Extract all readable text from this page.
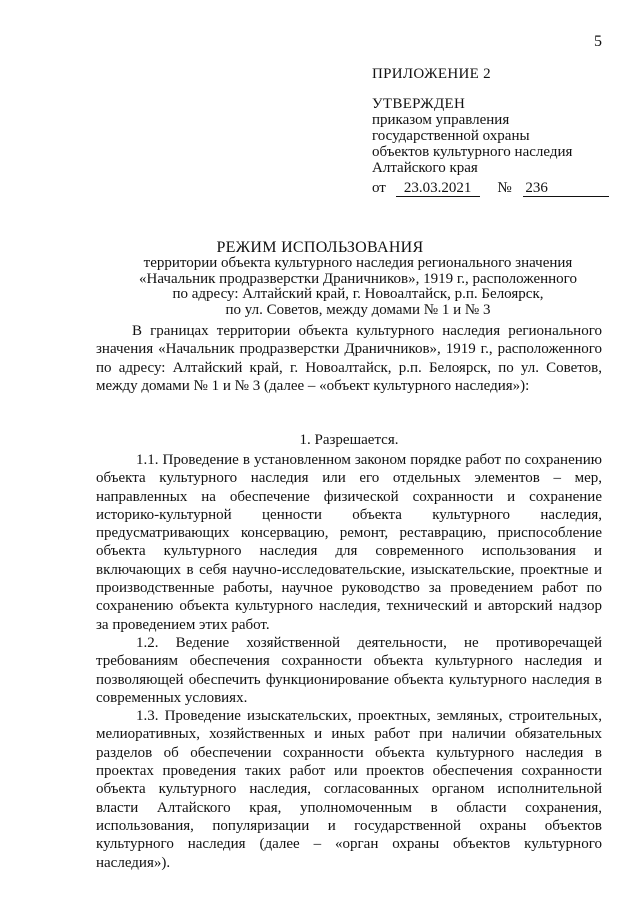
5
ПРИЛОЖЕНИЕ 2
УТВЕРЖДЕН
приказом управления
государственной охраны
объектов культурного наследия
Алтайского края
от 23.03.2021 № 236
РЕЖИМ ИСПОЛЬЗОВАНИЯ
территории объекта культурного наследия регионального значения
«Начальник продразверстки Драничников», 1919 г., расположенного
по адресу: Алтайский край, г. Новоалтайск, р.п. Белоярск,
по ул. Советов, между домами № 1 и № 3

В границах территории объекта культурного наследия регионального значения «Начальник продразверстки Драничников», 1919 г., расположенного по адресу: Алтайский край, г. Новоалтайск, р.п. Белоярск, по ул. Советов, между домами № 1 и № 3 (далее – «объект культурного наследия»):

1. Разрешается.

1.1. Проведение в установленном законом порядке работ по сохранению объекта культурного наследия или его отдельных элементов – мер, направленных на обеспечение физической сохранности и сохранение историко-культурной ценности объекта культурного наследия, предусматривающих консервацию, ремонт, реставрацию, приспособление объекта культурного наследия для современного использования и включающих в себя научно-исследовательские, изыскательские, проектные и производственные работы, научное руководство за проведением работ по сохранению объекта культурного наследия, технический и авторский надзор за проведением этих работ.

1.2. Ведение хозяйственной деятельности, не противоречащей требованиям обеспечения сохранности объекта культурного наследия и позволяющей обеспечить функционирование объекта культурного наследия в современных условиях.

1.3. Проведение изыскательских, проектных, земляных, строительных, мелиоративных, хозяйственных и иных работ при наличии обязательных разделов об обеспечении сохранности объекта культурного наследия в проектах проведения таких работ или проектов обеспечения сохранности объекта культурного наследия, согласованных органом исполнительной власти Алтайского края, уполномоченным в области сохранения, использования, популяризации и государственной охраны объектов культурного наследия (далее – «орган охраны объектов культурного наследия»).
